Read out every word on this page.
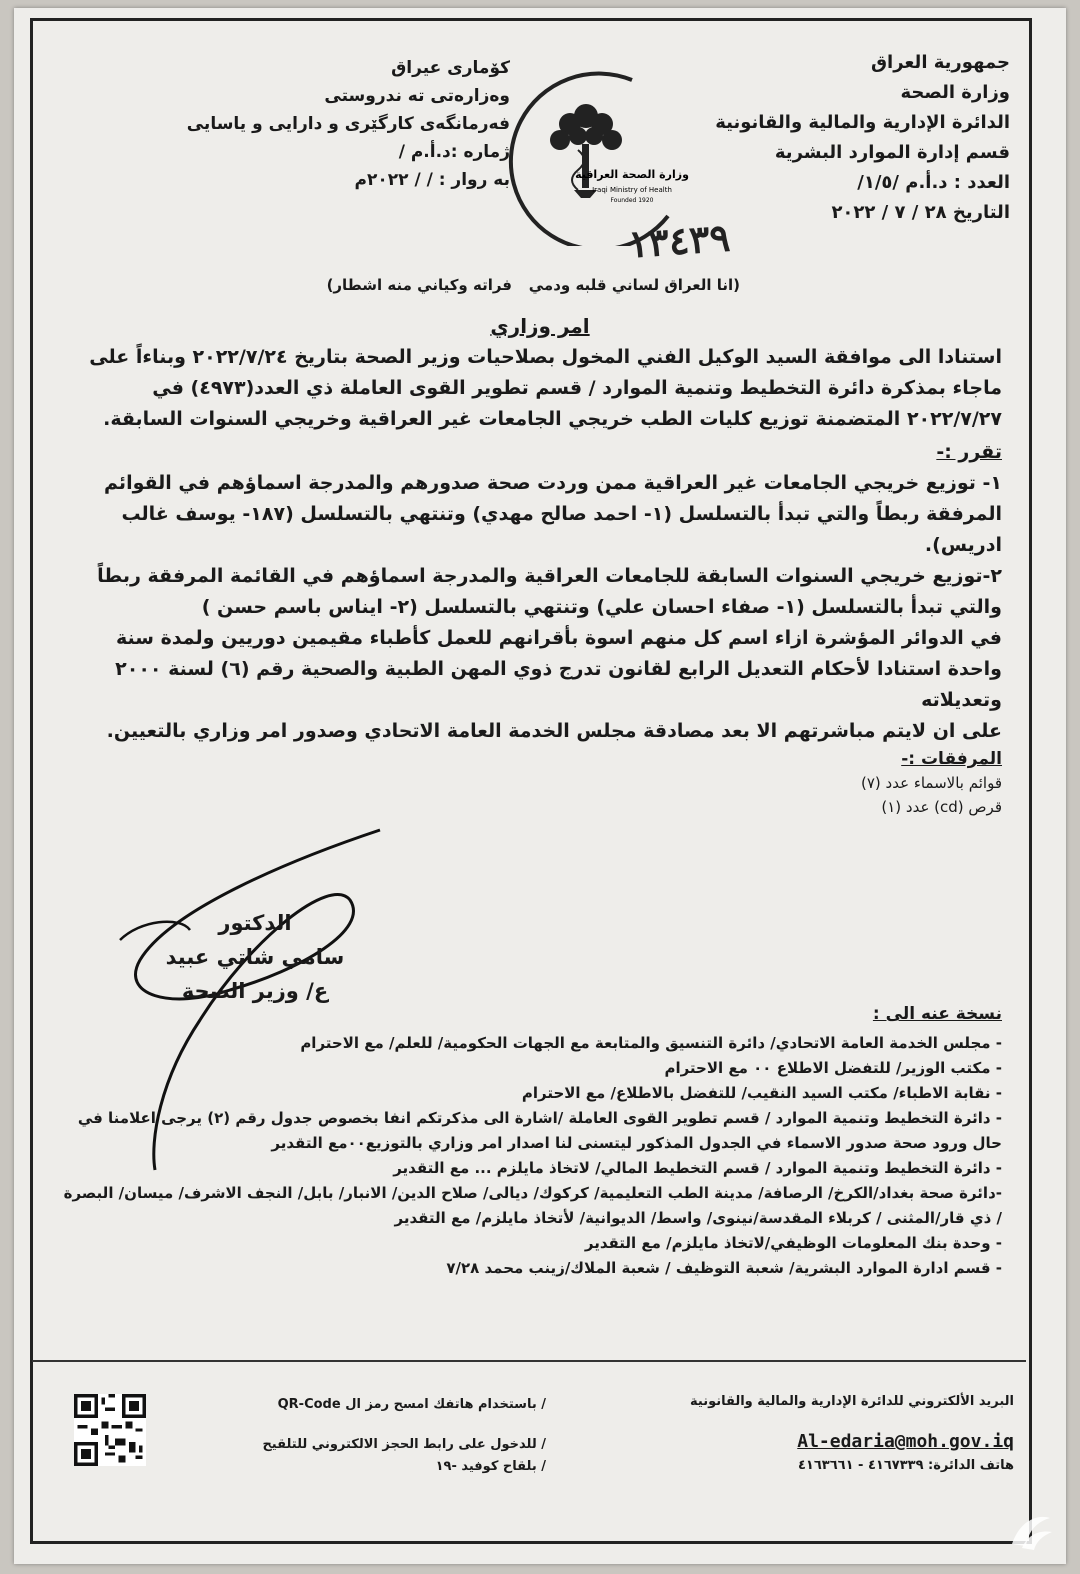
جمهورية العراق
وزارة الصحة
الدائرة الإدارية والمالية والقانونية
قسم إدارة الموارد البشرية
العدد : د.أ.م /١/٥/
التاريخ ٢٨ / ٧ / ٢٠٢٢
كۆماری عیراق
وەزارەتی تە ندروستی
فەرمانگەی کارگێری و دارایی و یاسایی
ژمارە :د.أ.م /
بە روار : / / ٢٠٢٢م	وزارة الصحة العراقية
Iraqi Ministry of Health
Founded 1920
١٣٤٣٩
(انا العراق لساني قلبه ودمي
فراته وكياني منه اشطار)
امر وزاري

استنادا الى موافقة السيد الوكيل الفني المخول بصلاحيات وزير الصحة بتاريخ ٢٠٢٢/٧/٢٤ وبناءاً على ماجاء بمذكرة دائرة التخطيط وتنمية الموارد / قسم تطوير القوى العاملة ذي العدد(٤٩٧٣) في ٢٠٢٢/٧/٢٧ المتضمنة توزيع كليات الطب خريجي الجامعات غير العراقية وخريجي السنوات السابقة.

تقرر :-

١- توزيع خريجي الجامعات غير العراقية ممن وردت صحة صدورهم والمدرجة اسماؤهم في القوائم المرفقة ربطاً والتي تبدأ بالتسلسل (١- احمد صالح مهدي) وتنتهي بالتسلسل (١٨٧- يوسف غالب ادريس).

٢-توزيع خريجي السنوات السابقة للجامعات العراقية والمدرجة اسماؤهم في القائمة المرفقة ربطاً والتي تبدأ بالتسلسل (١- صفاء احسان علي) وتنتهي بالتسلسل (٢- ايناس باسم حسن )

في الدوائر المؤشرة ازاء اسم كل منهم اسوة بأقرانهم للعمل كأطباء مقيمين دوريين ولمدة سنة واحدة استنادا لأحكام التعديل الرابع لقانون تدرج ذوي المهن الطبية والصحية رقم (٦) لسنة ٢٠٠٠ وتعديلاته

على ان لايتم مباشرتهم الا بعد مصادقة مجلس الخدمة العامة الاتحادي وصدور امر وزاري بالتعيين.

المرفقات :-

قوائم بالاسماء عدد (٧)

قرص (cd) عدد (١)

الدكتور
سامي شاتي عبيد
ع/ وزير الصحة
نسخة عنه الى :
- مجلس الخدمة العامة الاتحادي/ دائرة التنسيق والمتابعة مع الجهات الحكومية/ للعلم/ مع الاحترام
- مكتب الوزير/ للتفضل الاطلاع ٠٠ مع الاحترام
- نقابة الاطباء/ مكتب السيد النقيب/ للتفضل بالاطلاع/ مع الاحترام
- دائرة التخطيط وتنمية الموارد / قسم تطوير القوى العاملة /اشارة الى مذكرتكم انفا بخصوص جدول رقم (٢) يرجى اعلامنا في حال ورود صحة صدور الاسماء في الجدول المذكور ليتسنى لنا اصدار امر وزاري بالتوزيع٠٠مع التقدير
- دائرة التخطيط وتنمية الموارد / قسم التخطيط المالي/ لاتخاذ مايلزم ... مع التقدير
-دائرة صحة بغداد/الكرخ/ الرصافة/ مدينة الطب التعليمية/ كركوك/ ديالى/ صلاح الدين/ الانبار/ بابل/ النجف الاشرف/ ميسان/ البصرة / ذي قار/المثنى / كربلاء المقدسة/نينوى/ واسط/ الديوانية/ لأتخاذ مايلزم/ مع التقدير
- وحدة بنك المعلومات الوظيفي/لاتخاذ مايلزم/ مع التقدير
- قسم ادارة الموارد البشرية/ شعبة التوظيف / شعبة الملاك/زينب محمد ٧/٢٨
البريد الألكتروني للدائرة الإدارية والمالية والقانونية
Al-edaria@moh.gov.iq
هاتف الدائرة: ٤١٦٧٣٣٩ - ٤١٦٣٦٦١
/ باستخدام هاتفك امسح رمز ال QR-Code
/ للدخول على رابط الحجز الالكتروني للتلقيح
/ بلقاح كوفيد -١٩
